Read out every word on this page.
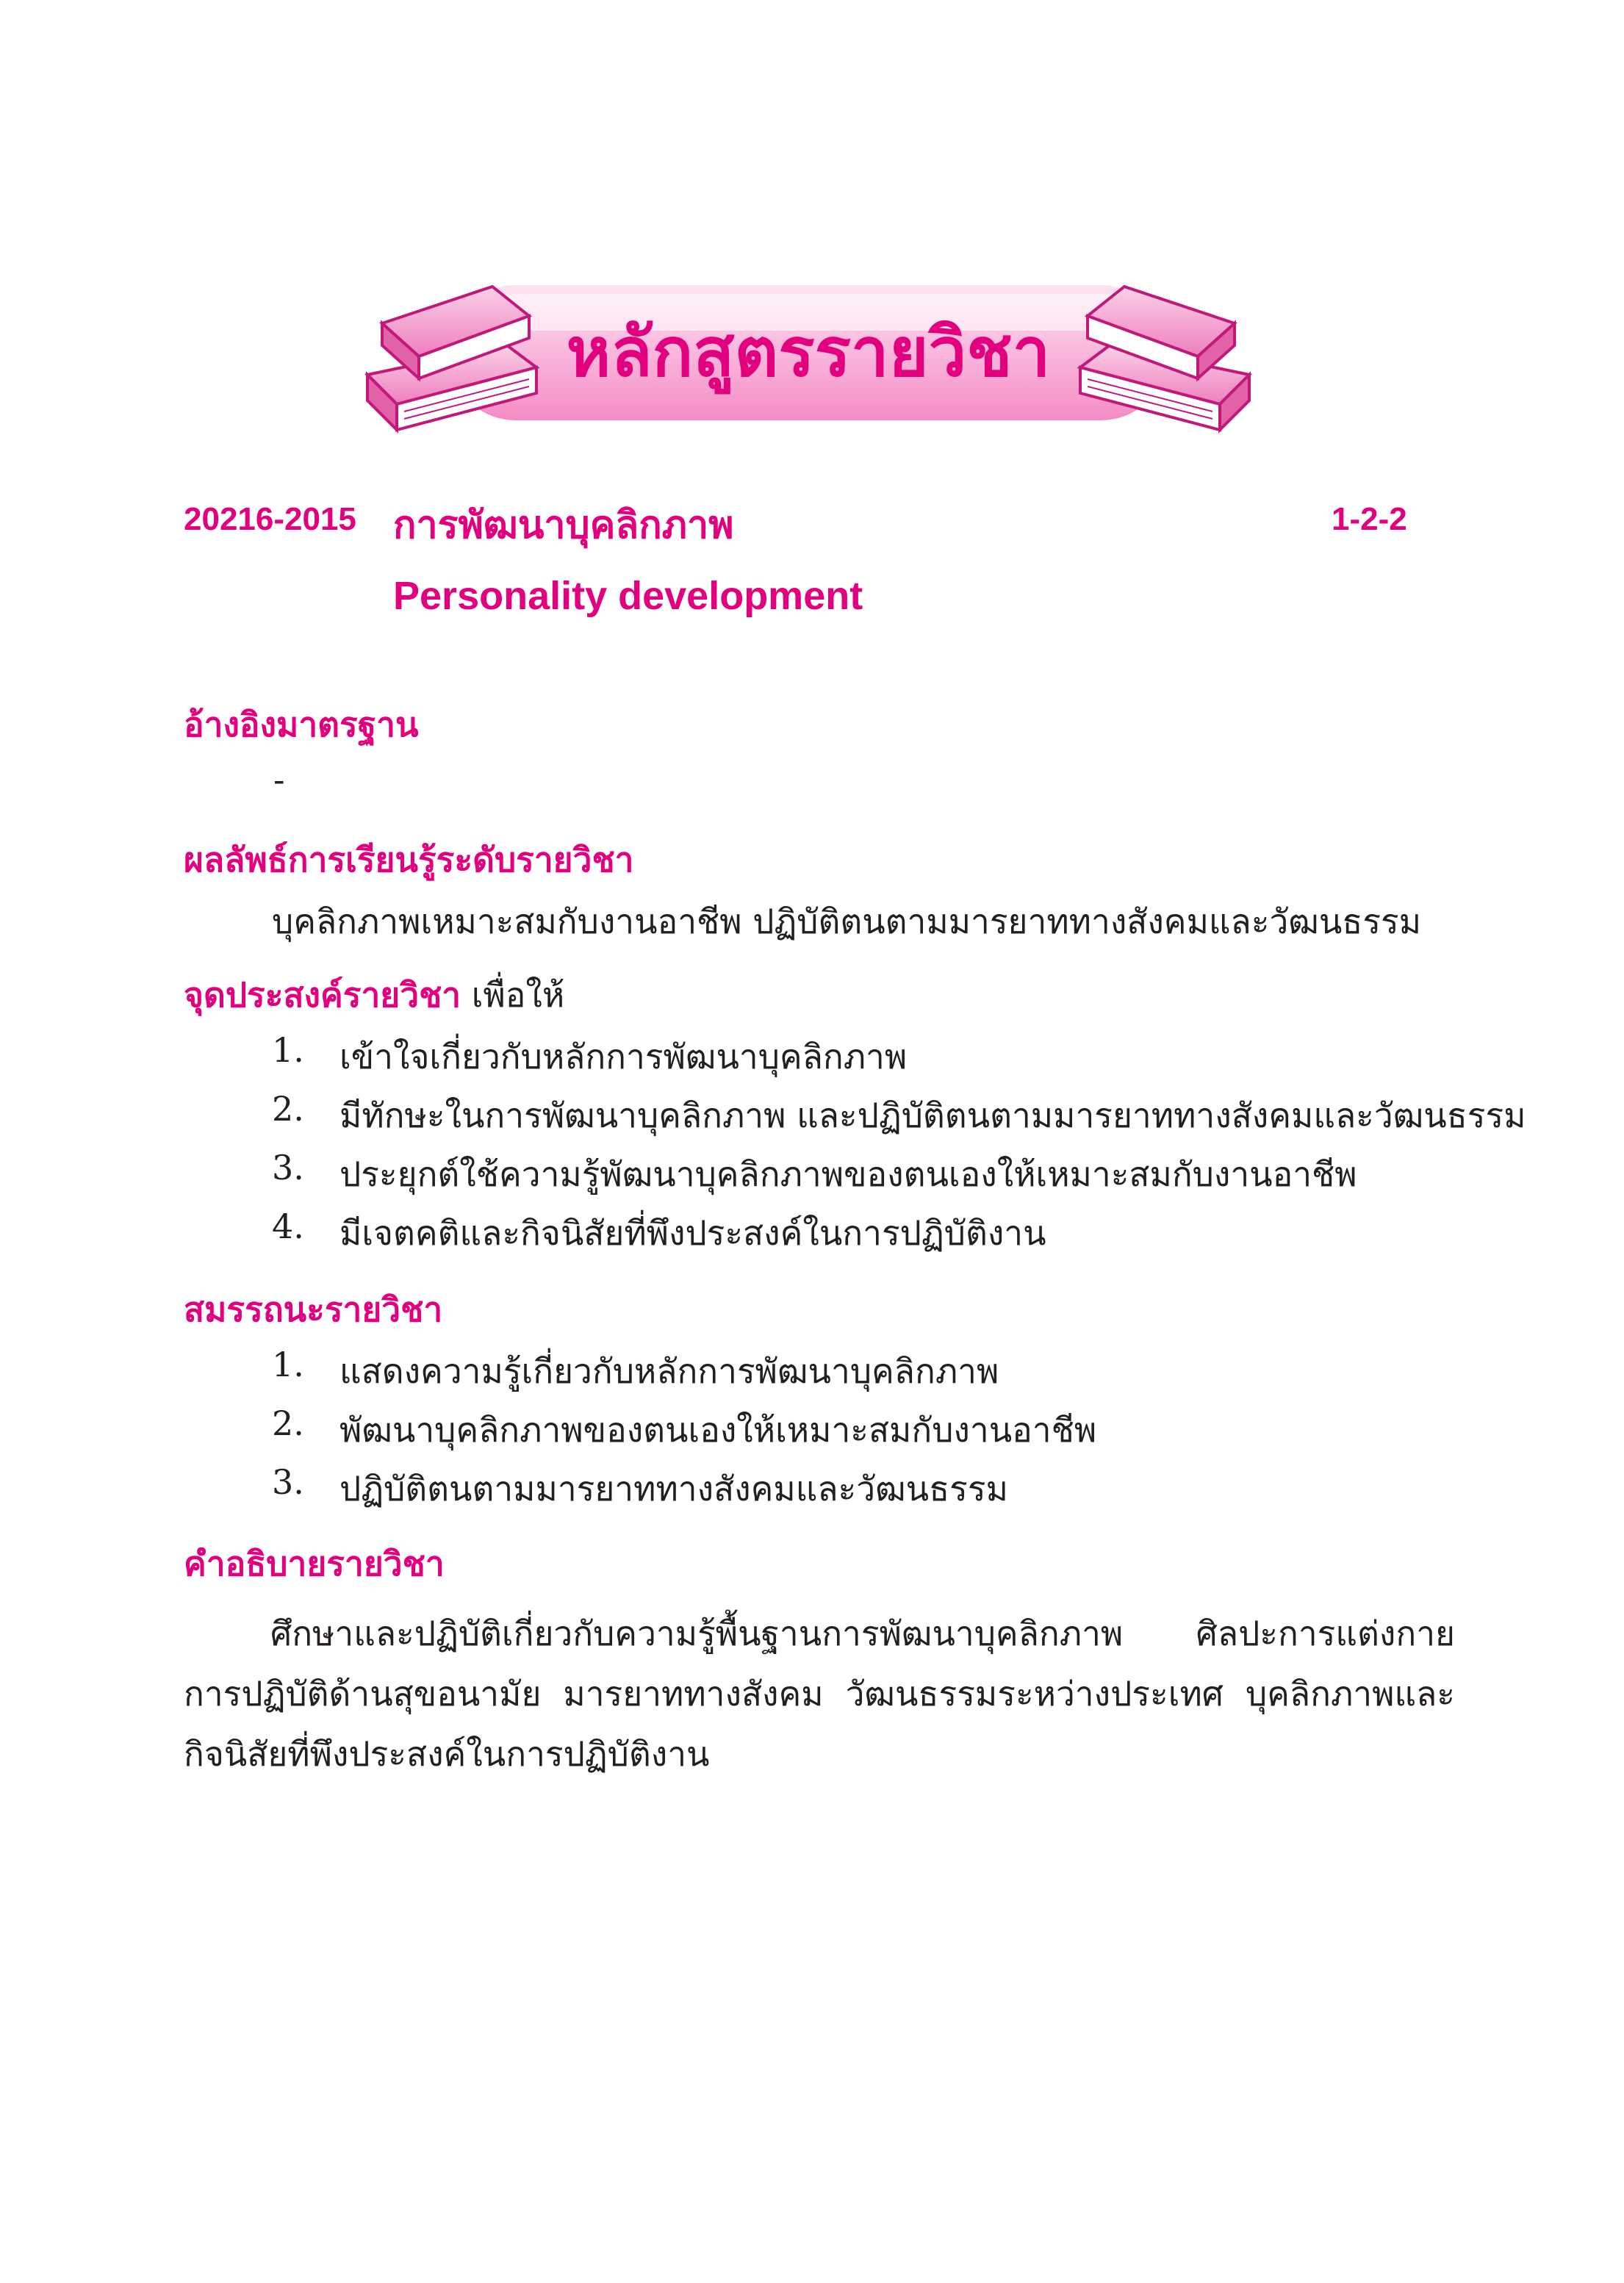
หลักสูตรรายวิชา
20216-2015 การพัฒนาบุคลิกภาพ	1-2-2
Personality development
อ้างอิงมาตรฐาน
-
ผลลัพธ์การเรียนรู้ระดับรายวิชา
บุคลิกภาพเหมาะสมกับงานอาชีพ ปฏิบัติตนตามมารยาททางสังคมและวัฒนธรรม
จุดประสงค์รายวิชา เพื่อให้
1. เข้าใจเกี่ยวกับหลักการพัฒนาบุคลิกภาพ
2. มีทักษะในการพัฒนาบุคลิกภาพ และปฏิบัติตนตามมารยาททางสังคมและวัฒนธรรม
3. ประยุกต์ใช้ความรู้พัฒนาบุคลิกภาพของตนเองให้เหมาะสมกับงานอาชีพ
4. มีเจตคติและกิจนิสัยที่พึงประสงค์ในการปฏิบัติงาน
สมรรถนะรายวิชา
1. แสดงความรู้เกี่ยวกับหลักการพัฒนาบุคลิกภาพ
2. พัฒนาบุคลิกภาพของตนเองให้เหมาะสมกับงานอาชีพ
3. ปฏิบัติตนตามมารยาททางสังคมและวัฒนธรรม
คำอธิบายรายวิชา
ศึกษาและปฏิบัติเกี่ยวกับความรู้พื้นฐานการพัฒนาบุคลิกภาพ ศิลปะการแต่งกาย การปฏิบัติด้านสุขอนามัย มารยาททางสังคม วัฒนธรรมระหว่างประเทศ บุคลิกภาพและกิจนิสัยที่พึงประสงค์ในการปฏิบัติงาน
